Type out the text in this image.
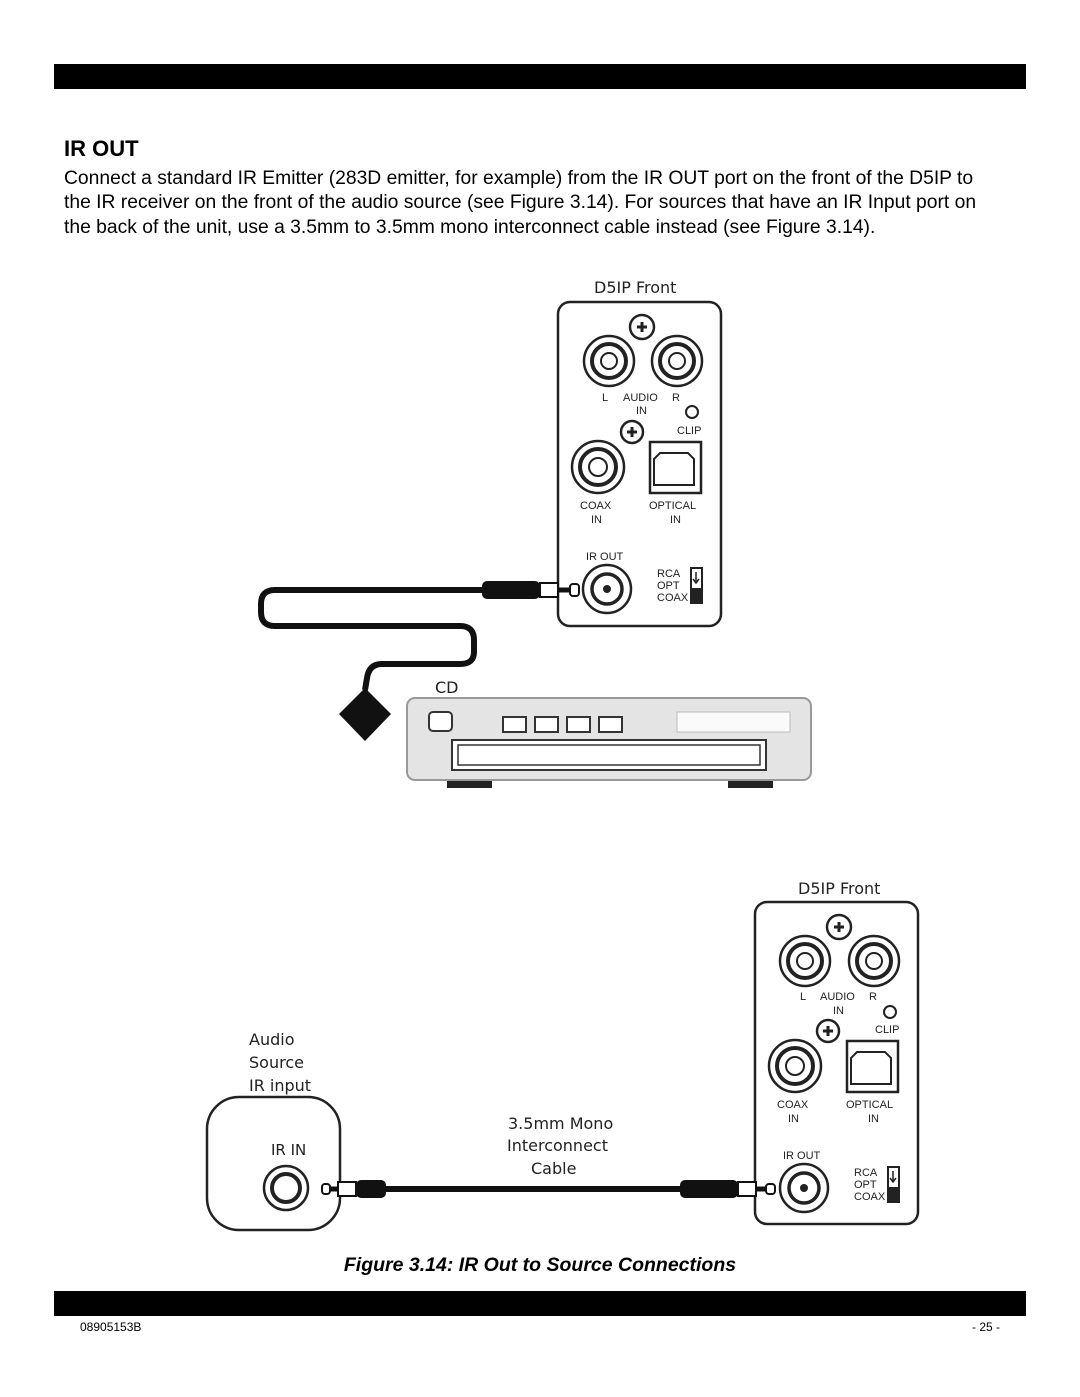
IR OUT

Connect a standard IR Emitter (283D emitter, for example) from the IR OUT port on the front of the D5IP to the IR receiver on the front of the audio source (see Figure 3.14). For sources that have an IR Input port on the back of the unit, use a 3.5mm to 3.5mm mono interconnect cable instead (see Figure 3.14).

D5IP Front
L AUDIO R
IN
CLIP
COAX	OPTICAL
IN	IN
IR OUT
RCA
OPT
COAX
CD
D5IP Front
L AUDIO R
IN
CLIP
COAX	OPTICAL
IN	IN
IR OUT
RCA
OPT
COAX
Audio
Source
IR input
IR IN
3.5mm Mono
Interconnect
Cable
Figure 3.14: IR Out to Source Connections
08905153B	- 25 -
